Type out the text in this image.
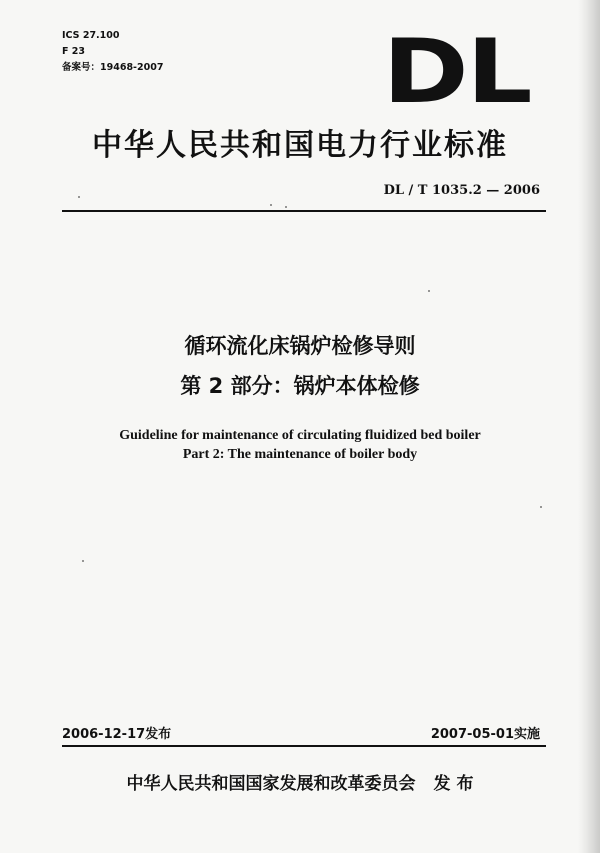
ICS 27.100
F 23
备案号：19468-2007 DL
中华人民共和国电力行业标准
DL / T 1035.2 — 2006
循环流化床锅炉检修导则
第 2 部分：锅炉本体检修
Guideline for maintenance of circulating fluidized bed boiler
Part 2: The maintenance of boiler body
2006-12-17发布	2007-05-01实施
中华人民共和国国家发展和改革委员会 发 布
